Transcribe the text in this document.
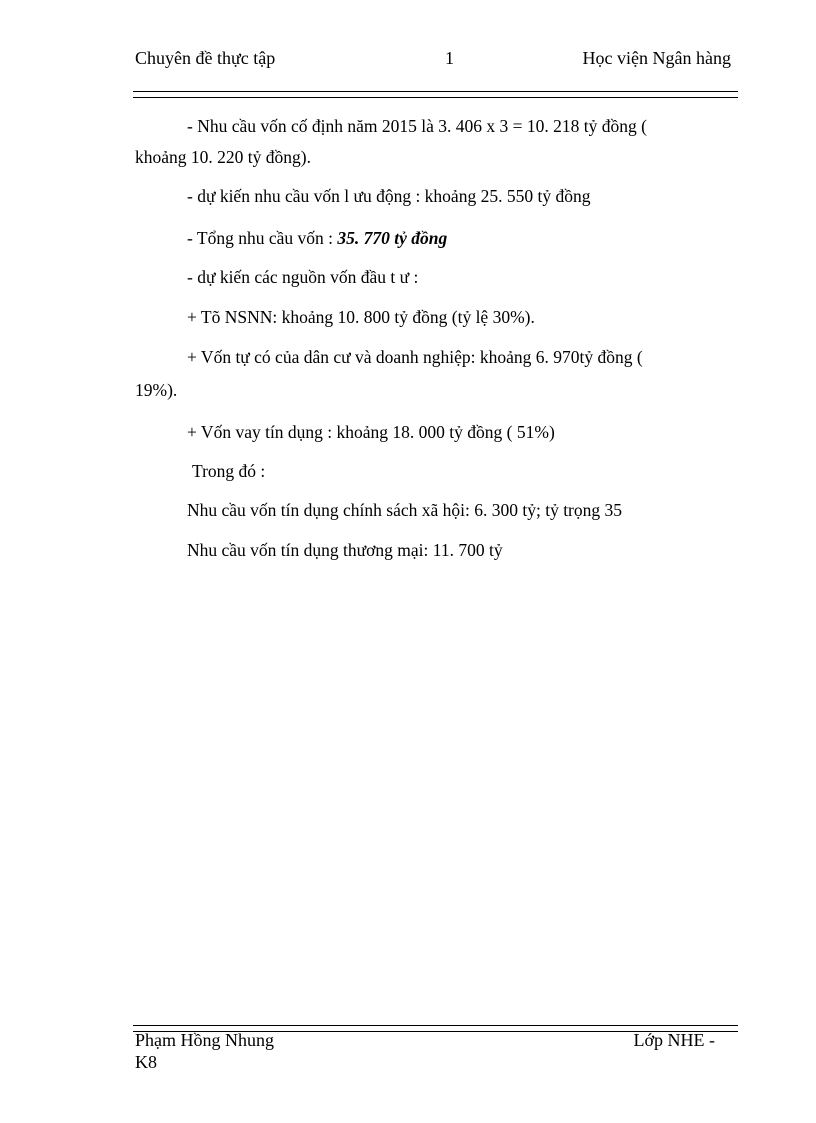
Chuyên đề thực tập	1	Học viện Ngân hàng
- Nhu cầu vốn cố định năm 2015 là 3. 406 x 3 = 10. 218 tỷ đồng (
khoảng 10. 220 tỷ đồng).
- dự kiến nhu cầu vốn l ưu động : khoảng 25. 550 tỷ đồng
- Tổng nhu cầu vốn : 35. 770 tỷ đồng
- dự kiến các nguồn vốn đầu t ư :
+ Tõ NSNN: khoảng 10. 800 tỷ đồng (tỷ lệ 30%).
+ Vốn tự có của dân cư và doanh nghiệp: khoảng 6. 970tỷ đồng (
19%).
+ Vốn vay tín dụng : khoảng 18. 000 tỷ đồng ( 51%)
Trong đó :
Nhu cầu vốn tín dụng chính sách xã hội: 6. 300 tỷ; tỷ trọng 35
Nhu cầu vốn tín dụng thương mại: 11. 700 tỷ
Phạm Hồng Nhung	Lớp NHE -
K8
